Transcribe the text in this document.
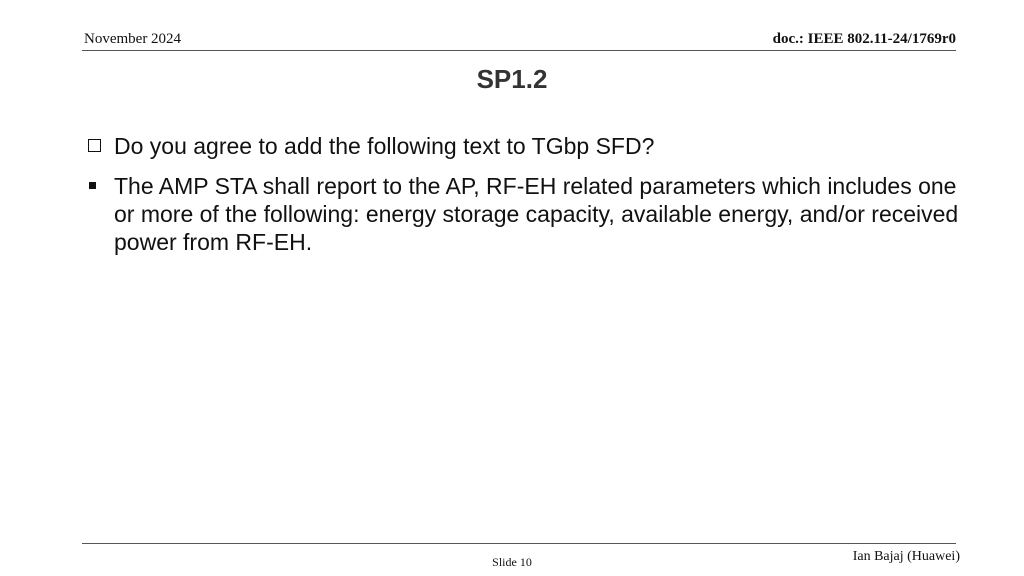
November 2024	doc.: IEEE 802.11-24/1769r0
SP1.2
Do you agree to add the following text to TGbp SFD?
The AMP STA shall report to the AP, RF-EH related parameters which includes one or more of the following: energy storage capacity, available energy, and/or received power from RF-EH.
Slide 10	Ian Bajaj (Huawei)
